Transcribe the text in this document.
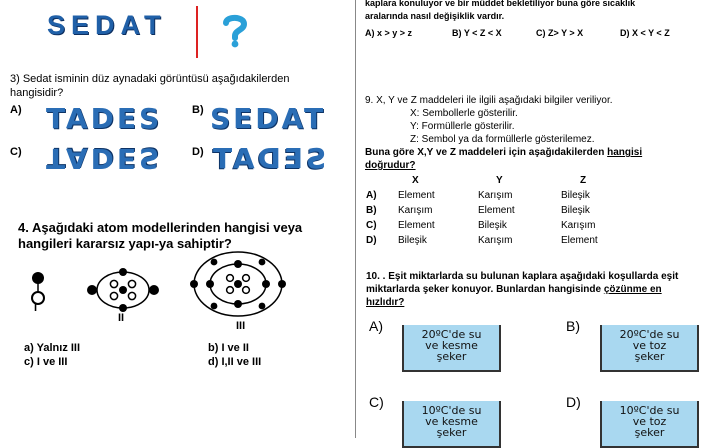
SEDAT
3) Sedat isminin düz aynadaki görüntüsü aşağıdakilerden hangisidir?
A) TADES	B) SEDAT
C) TADES	D) SEDAT
4. Aşağıdaki atom modellerinden hangisi veya hangileri kararsız yapı-ya sahiptir?
I
II
III
a) Yalnız III	b) I ve II
c) I ve III	d) I,II ve III
kaplara konuluyor ve bir müddet bekletiliyor buna göre sıcaklık
aralarında nasıl değişiklik vardır.
A) x > y > z	B) Y < Z < X	C) Z> Y > X	D) X < Y < Z
9. X, Y ve Z maddeleri ile ilgili aşağıdaki bilgiler veriliyor.
X: Sembollerle gösterilir.
Y: Formüllerle gösterilir.
Z: Sembol ya da formüllerle gösterilemez.
Buna göre X,Y ve Z maddeleri için aşağıdakilerden hangisi doğrudur?
X	Y	Z
A) Element	Karışım	Bileşik
B) Karışım	Element	Bileşik
C) Element	Bileşik	Karışım
D) Bileşik	Karışım	Element
10. . Eşit miktarlarda su bulunan kaplara aşağıdaki koşullarda eşit miktarlarda şeker konuyor. Bunlardan hangisinde çözünme en hızlıdır?
A)
20ºC'de su
ve kesme
şeker
B)
20ºC'de su
ve toz
şeker
C)
10ºC'de su
ve kesme
şeker
D)
10ºC'de su
ve toz
şeker
